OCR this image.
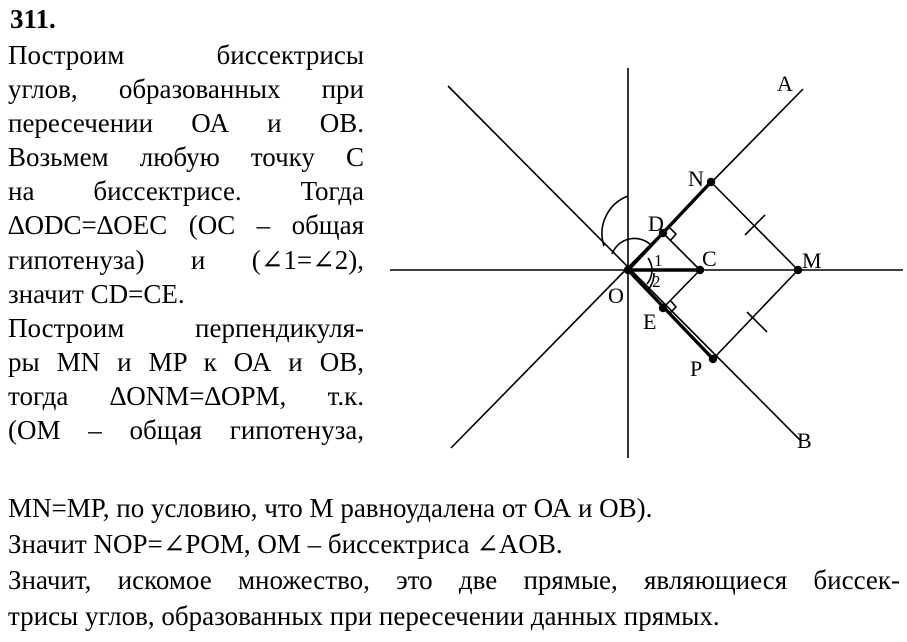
311.
Построим биссектрисы
углов, образованных при
пересечении ОА и ОВ.
Возьмем любую точку С
на биссектрисе. Тогда
∆ODC=∆OEC (OC – общая
гипотенуза) и (∠1=∠2),
значит CD=CE.
Построим перпендикуля-
ры MN и MP к ОА и ОВ,
тогда ∆ONM=∆OPM, т.к.
(OM – общая гипотенуза,
A
B
N
M
D
C
O
E
P
1
2
MN=MP, по условию, что М равноудалена от ОА и ОВ).
Значит NOP=∠POM, OM – биссектриса ∠AOB.
Значит, искомое множество, это две прямые, являющиеся биссек-
трисы углов, образованных при пересечении данных прямых.
